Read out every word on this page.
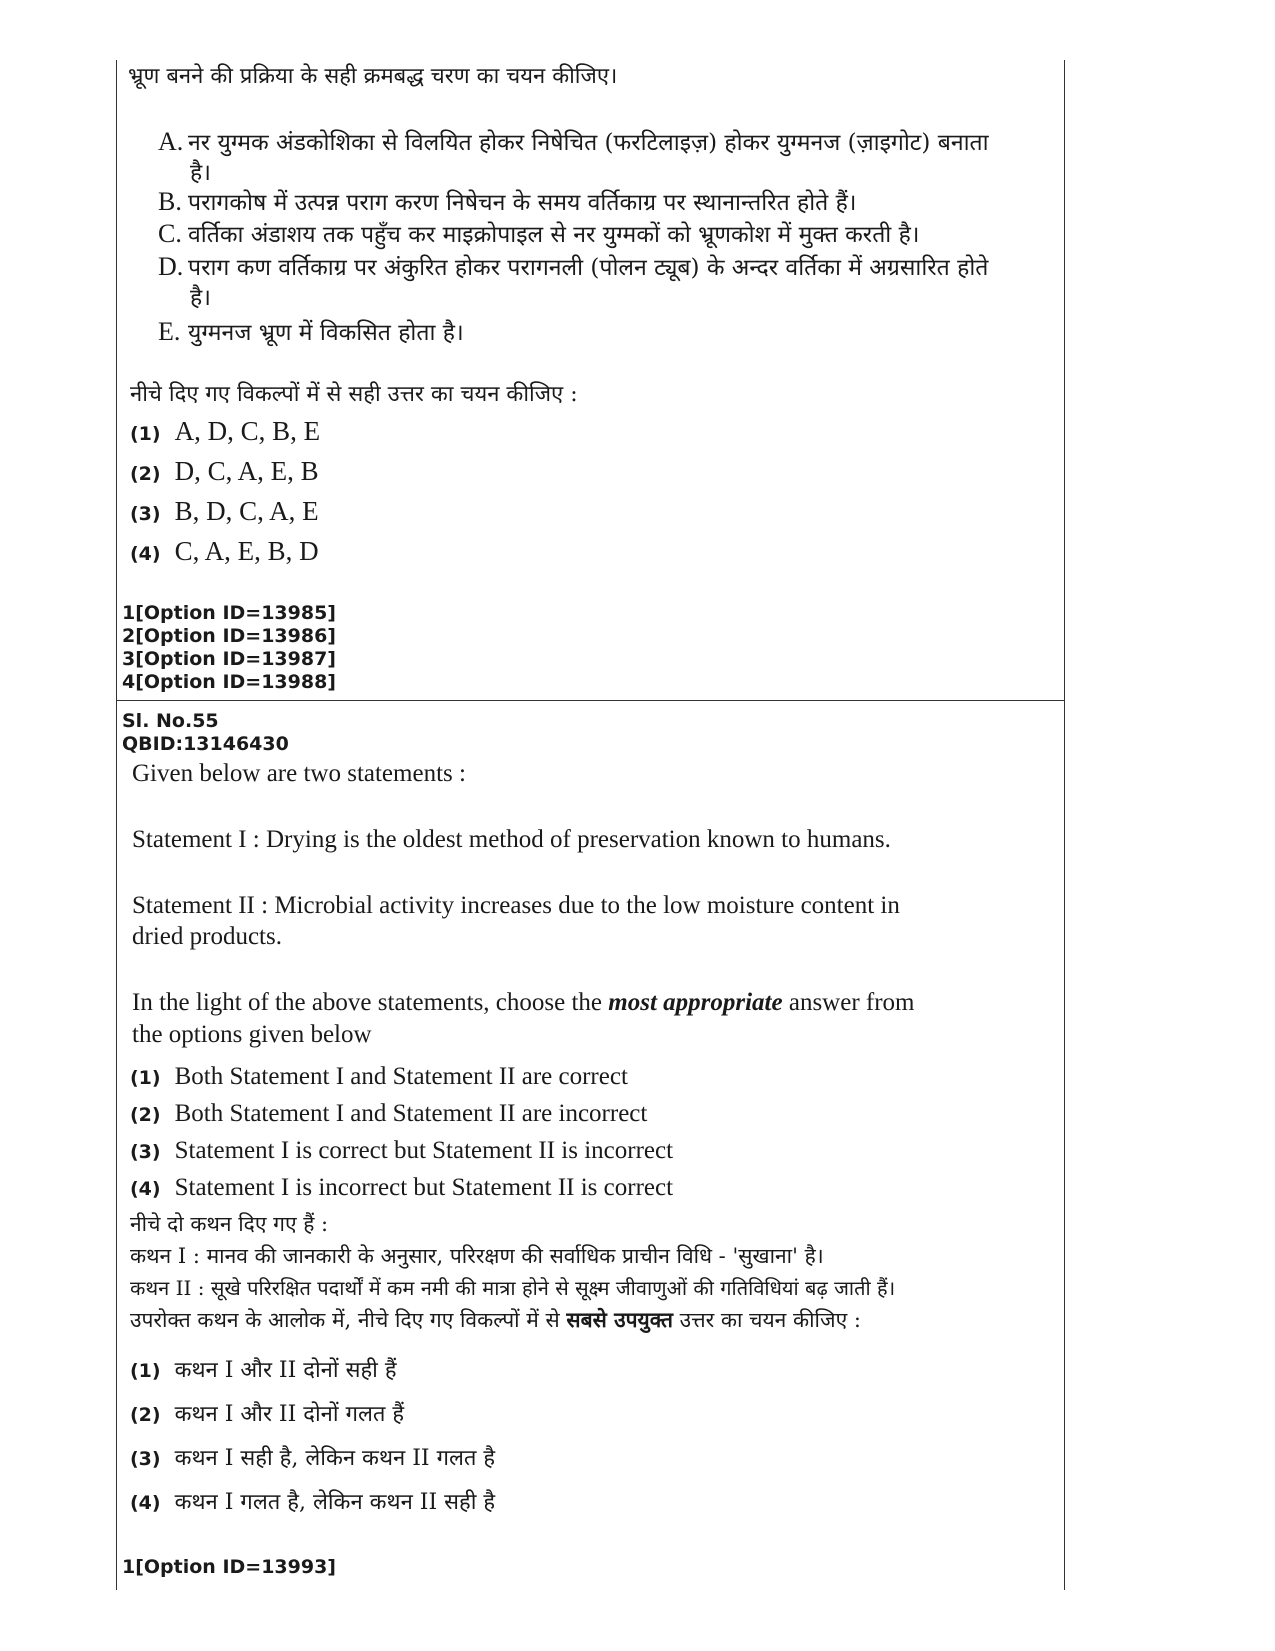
भ्रूण बनने की प्रक्रिया के सही क्रमबद्ध चरण का चयन कीजिए।
A. नर युग्मक अंडकोशिका से विलयित होकर निषेचित (फरटिलाइज़) होकर युग्मनज (ज़ाइगोट) बनाता
है।
B. परागकोष में उत्पन्न पराग करण निषेचन के समय वर्तिकाग्र पर स्थानान्तरित होते हैं।
C. वर्तिका अंडाशय तक पहुँच कर माइक्रोपाइल से नर युग्मकों को भ्रूणकोश में मुक्त करती है।
D. पराग कण वर्तिकाग्र पर अंकुरित होकर परागनली (पोलन ट्यूब) के अन्दर वर्तिका में अग्रसारित होते
है।
E. युग्मनज भ्रूण में विकसित होता है।
नीचे दिए गए विकल्पों में से सही उत्तर का चयन कीजिए :
(1) A, D, C, B, E
(2) D, C, A, E, B
(3) B, D, C, A, E
(4) C, A, E, B, D
1[Option ID=13985]
2[Option ID=13986]
3[Option ID=13987]
4[Option ID=13988]
Sl. No.55
QBID:13146430
Given below are two statements :
Statement I : Drying is the oldest method of preservation known to humans.
Statement II : Microbial activity increases due to the low moisture content in
dried products.
In the light of the above statements, choose the most appropriate answer from
the options given below
(1) Both Statement I and Statement II are correct
(2) Both Statement I and Statement II are incorrect
(3) Statement I is correct but Statement II is incorrect
(4) Statement I is incorrect but Statement II is correct
नीचे दो कथन दिए गए हैं :
कथन I : मानव की जानकारी के अनुसार, परिरक्षण की सर्वाधिक प्राचीन विधि - 'सुखाना' है।
कथन II : सूखे परिरक्षित पदार्थों में कम नमी की मात्रा होने से सूक्ष्म जीवाणुओं की गतिविधियां बढ़ जाती हैं।
उपरोक्त कथन के आलोक में, नीचे दिए गए विकल्पों में से सबसे उपयुक्त उत्तर का चयन कीजिए :
(1) कथन I और II दोनों सही हैं
(2) कथन I और II दोनों गलत हैं
(3) कथन I सही है, लेकिन कथन II गलत है
(4) कथन I गलत है, लेकिन कथन II सही है
1[Option ID=13993]
